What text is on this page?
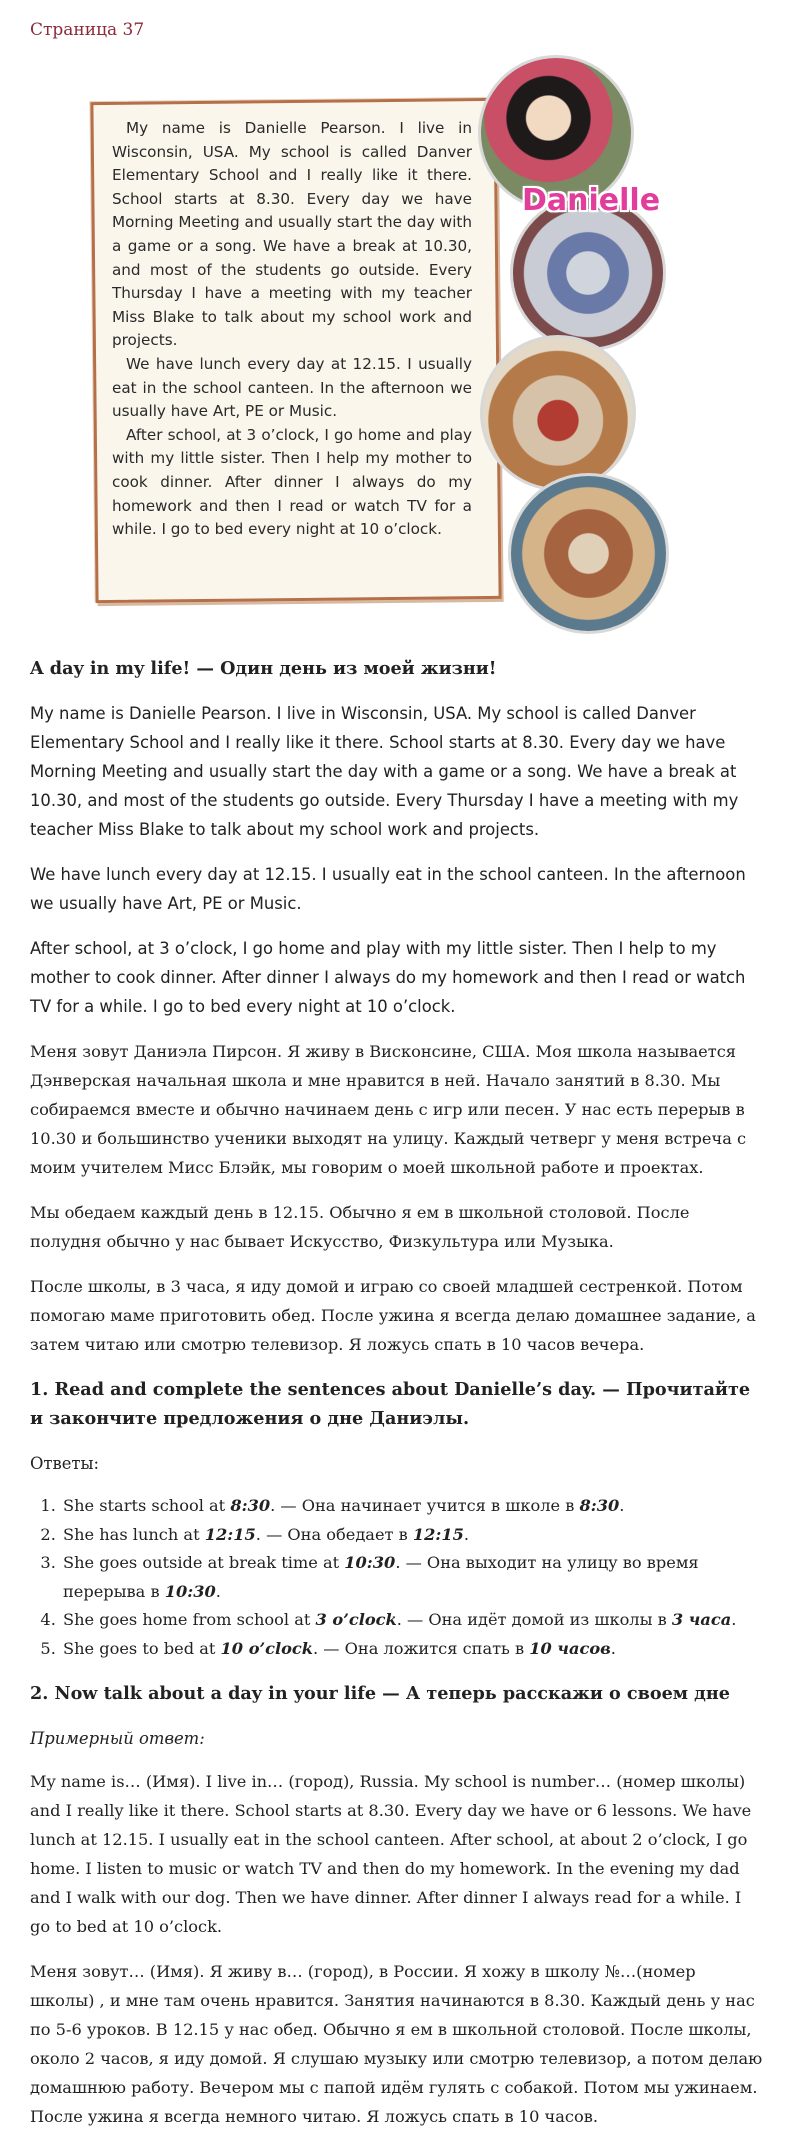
Страница 37

My name is Danielle Pearson. I live in Wisconsin, USA. My school is called Danver Elementary School and I really like it there. School starts at 8.30. Every day we have Morning Meeting and usually start the day with a game or a song. We have a break at 10.30, and most of the students go outside. Every Thursday I have a meeting with my teacher Miss Blake to talk about my school work and projects.

We have lunch every day at 12.15. I usually eat in the school canteen. In the afternoon we usually have Art, PE or Music.

After school, at 3 o’clock, I go home and play with my little sister. Then I help my mother to cook dinner. After dinner I always do my homework and then I read or watch TV for a while. I go to bed every night at 10 o’clock.

Danielle
A day in my life! — Один день из моей жизни!

My name is Danielle Pearson. I live in Wisconsin, USA. My school is called Danver Elementary School and I really like it there. School starts at 8.30. Every day we have Morning Meeting and usually start the day with a game or a song. We have a break at 10.30, and most of the students go outside. Every Thursday I have a meeting with my teacher Miss Blake to talk about my school work and projects.

We have lunch every day at 12.15. I usually eat in the school canteen. In the afternoon we usually have Art, PE or Music.

After school, at 3 o’clock, I go home and play with my little sister. Then I help to my mother to cook dinner. After dinner I always do my homework and then I read or watch TV for a while. I go to bed every night at 10 o’clock.

Меня зовут Даниэла Пирсон. Я живу в Висконсине, США. Моя школа называется Дэнверская начальная школа и мне нравится в ней. Начало занятий в 8.30. Мы собираемся вместе и обычно начинаем день с игр или песен. У нас есть перерыв в 10.30 и большинство ученики выходят на улицу. Каждый четверг у меня встреча с моим учителем Мисс Блэйк, мы говорим о моей школьной работе и проектах.

Мы обедаем каждый день в 12.15. Обычно я ем в школьной столовой. После полудня обычно у нас бывает Искусство, Физкультура или Музыка.

После школы, в 3 часа, я иду домой и играю со своей младшей сестренкой. Потом помогаю маме приготовить обед. После ужина я всегда делаю домашнее задание, а затем читаю или смотрю телевизор. Я ложусь спать в 10 часов вечера.

1. Read and complete the sentences about Danielle’s day. — Прочитайте и закончите предложения о дне Даниэлы.

Ответы:

1. She starts school at 8:30. — Она начинает учится в школе в 8:30.
2. She has lunch at 12:15. — Она обедает в 12:15.
3. She goes outside at break time at 10:30. — Она выходит на улицу во время перерыва в 10:30.
4. She goes home from school at 3 o’clock. — Она идёт домой из школы в 3 часа.
5. She goes to bed at 10 o’clock. — Она ложится спать в 10 часов.
2. Now talk about a day in your life — А теперь расскажи о своем дне

Примерный ответ:

My name is… (Имя). I live in… (город), Russia. My school is number… (номер школы) and I really like it there. School starts at 8.30. Every day we have or 6 lessons. We have lunch at 12.15. I usually eat in the school canteen. After school, at about 2 o’clock, I go home. I listen to music or watch TV and then do my homework. In the evening my dad and I walk with our dog. Then we have dinner. After dinner I always read for a while. I go to bed at 10 o’clock.

Меня зовут… (Имя). Я живу в… (город), в России. Я хожу в школу №…(номер школы) , и мне там очень нравится. Занятия начинаются в 8.30. Каждый день у нас по 5-6 уроков. В 12.15 у нас обед. Обычно я ем в школьной столовой. После школы, около 2 часов, я иду домой. Я слушаю музыку или смотрю телевизор, а потом делаю домашнюю работу. Вечером мы с папой идём гулять с собакой. Потом мы ужинаем. После ужина я всегда немного читаю. Я ложусь спать в 10 часов.
